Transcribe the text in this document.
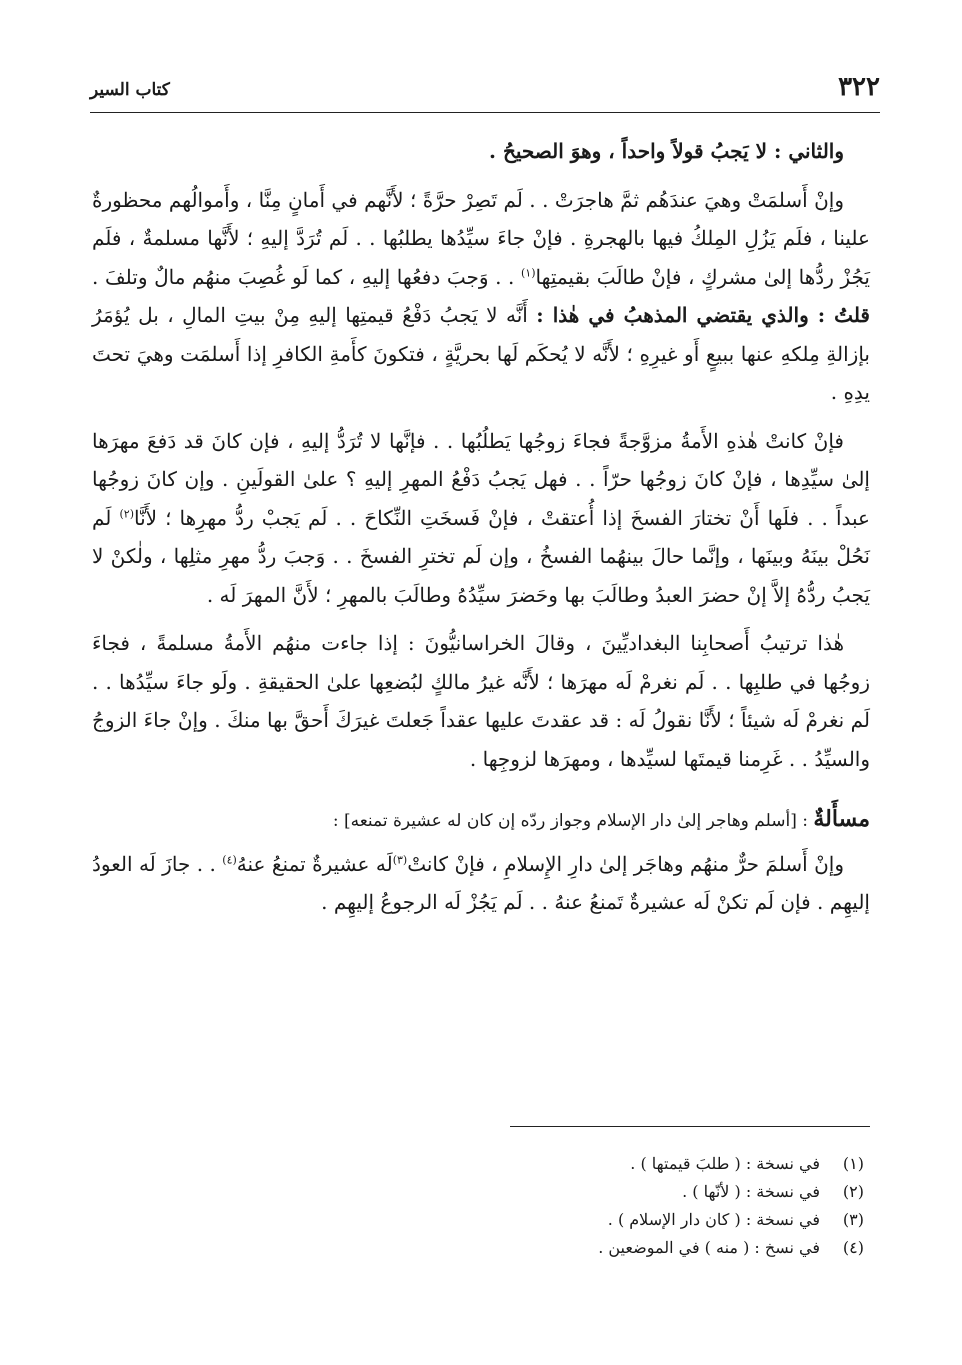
٣٢٢
كتاب السير

والثاني : لا يَجبُ قولاً واحداً ، وهوَ الصحيحُ .

وإنْ أَسلمَتْ وهيَ عندَهُم ثمَّ هاجرَتْ . . لَم تَصِرْ حرَّةً ؛ لأَنَّهم في أَمانٍ مِنَّا ، وأَموالُهم محظورةٌ علينا ، فلَم يَزُلِ المِلكُ فيها بالهجرةِ . فإنْ جاءَ سيِّدُها يطلبُها . . لَم تُرَدَّ إليهِ ؛ لأَنَّها مسلمةٌ ، فلَم يَجُزْ ردُّها إلىٰ مشركٍ ، فإنْ طالَبَ بقيمتِها$^{(١)}$ . . وَجبَ دفعُها إليهِ ، كما لَو غُصِبَ منهُم مالٌ وتلفَ . قلتُ : والذي يقتضي المذهبُ في هٰذا : أَنَّه لا يَجبُ دَفْعُ قيمتِها إليهِ مِنْ بيتِ المالِ ، بل يُؤمَرُ بإزالةِ مِلكهِ عنها ببيعٍ أَو غيرِهِ ؛ لأَنَّه لا يُحكَم لَها بحريَّةٍ ، فتكونَ كأَمةِ الكافرِ إذا أَسلمَت وهيَ تحتَ يدِهِ .

فإنْ كانتْ هٰذهِ الأَمةُ مزوَّجةً فجاءَ زوجُها يَطلُبُها . . فإنَّها لا تُرَدُّ إليهِ ، فإن كانَ قد دَفعَ مهرَها إلىٰ سيِّدِها ، فإنْ كانَ زوجُها حرّاً . . فهل يَجبُ دَفْعُ المهرِ إليهِ ؟ علىٰ القولَينِ . وإن كانَ زوجُها عبداً . . فلَها أَنْ تختارَ الفسخَ إذا أُعتقتْ ، فإنْ فَسخَتِ النِّكاحَ . . لَم يَجبْ ردُّ مهرِها ؛ لأَنَّا$^{(٢)}$ لَم نَحُلْ بينَهُ وبينَها ، وإنَّما حالَ بينهُما الفسخُ ، وإن لَم تخترِ الفسخَ . . وَجبَ ردُّ مهرِ مثلِها ، ولٰكنْ لا يَجبُ ردُّهُ إلاَّ إنْ حضرَ العبدُ وطالَبَ بها وحَضرَ سيِّدُهُ وطالَبَ بالمهرِ ؛ لأَنَّ المهرَ لَه .

هٰذا ترتيبُ أَصحابِنا البغداديِّينَ ، وقالَ الخراسانيُّونَ : إذا جاءت منهُم الأَمةُ مسلمةً ، فجاءَ زوجُها في طلبِها . . لَم نغرمْ لَه مهرَها ؛ لأَنَّه غيرُ مالكٍ لبُضعِها علىٰ الحقيقةِ . ولَو جاءَ سيِّدُها . . لَم نغرمْ لَه شيئاً ؛ لأَنَّا نقولُ لَه : قد عقدتَ عليها عقداً جَعلتَ غيرَكَ أَحقَّ بها منكَ . وإنْ جاءَ الزوجُ والسيِّدُ . . غَرِمنا قيمتَها لسيِّدها ، ومهرَها لزوجِها .

مسأَلةٌ : [أسلم وهاجر إلىٰ دار الإسلام وجواز ردّه إن كان له عشيرة تمنعه] :

وإنْ أَسلمَ حرٌّ منهُم وهاجَر إلىٰ دارِ الإِسلامِ ، فإنْ كانتْ$^{(٣)}$لَه عشيرةٌ تمنعُ عنهُ$^{(٤)}$ . . جازَ لَه العودُ إليهِم . فإن لَم تكنْ لَه عشيرةٌ تَمنعُ عنهُ . . لَم يَجُزْ لَه الرجوعُ إليهِم .

(١)
في نسخة : ( طلبَ قيمتها ) .
(٢)
في نسخة : ( لأنّها ) .
(٣)
في نسخة : ( كان دار الإسلام ) .
(٤)
في نسخ : ( منه ) في الموضعين .
